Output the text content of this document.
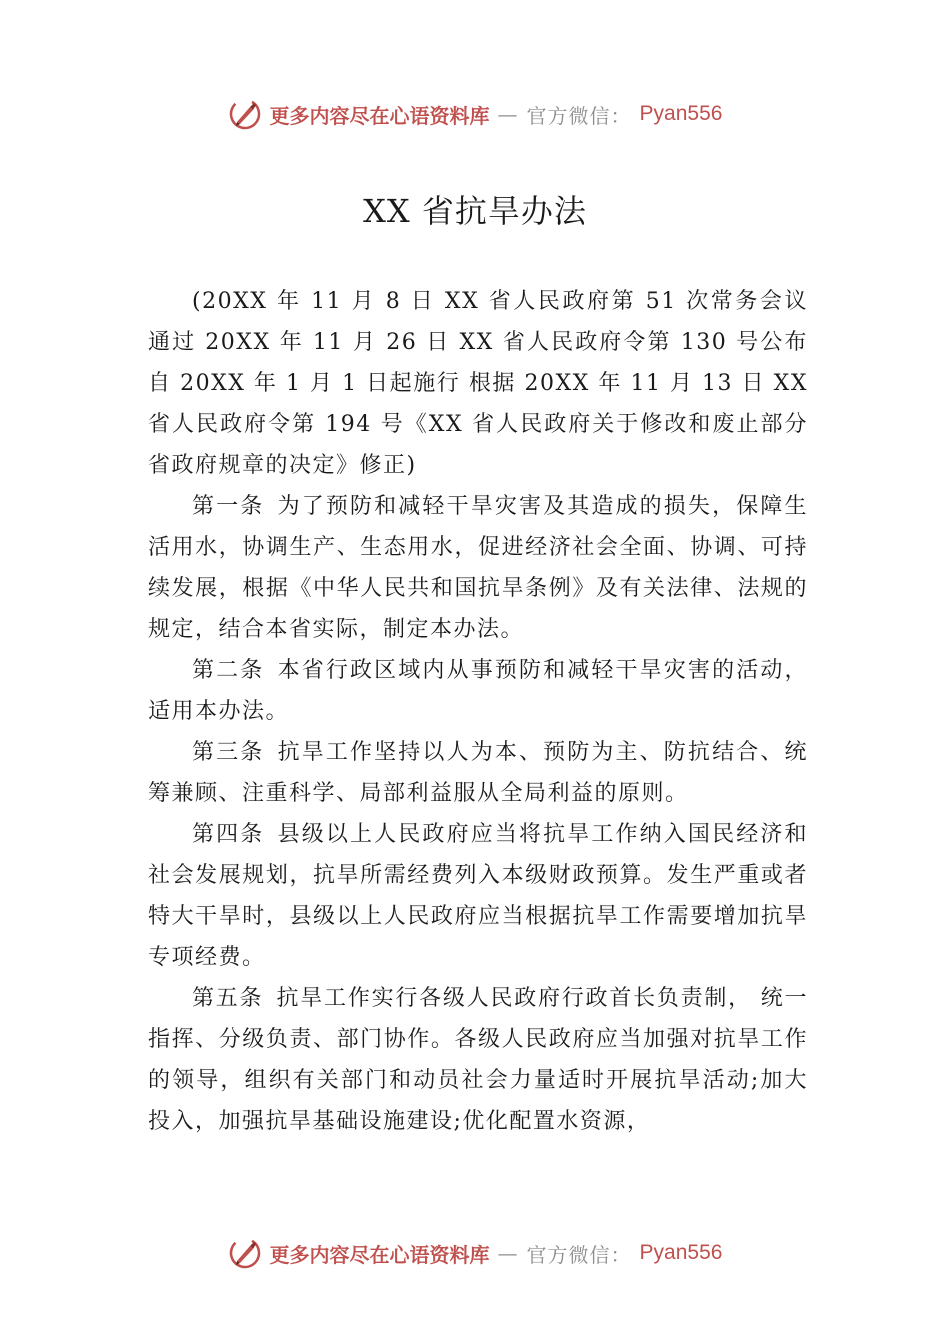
更多内容尽在心语资料库 — 官方微信： Pyan556
XX 省抗旱办法

(20XX 年 11 月 8 日 XX 省人民政府第 51 次常务会议通过 20XX 年 11 月 26 日 XX 省人民政府令第 130 号公布自 20XX 年 1 月 1 日起施行 根据 20XX 年 11 月 13 日 XX 省人民政府令第 194 号《XX 省人民政府关于修改和废止部分省政府规章的决定》修正)

第一条 为了预防和减轻干旱灾害及其造成的损失，保障生活用水，协调生产、生态用水，促进经济社会全面、协调、可持续发展，根据《中华人民共和国抗旱条例》及有关法律、法规的规定，结合本省实际，制定本办法。

第二条 本省行政区域内从事预防和减轻干旱灾害的活动，适用本办法。

第三条 抗旱工作坚持以人为本、预防为主、防抗结合、统筹兼顾、注重科学、局部利益服从全局利益的原则。

第四条 县级以上人民政府应当将抗旱工作纳入国民经济和社会发展规划，抗旱所需经费列入本级财政预算。发生严重或者特大干旱时，县级以上人民政府应当根据抗旱工作需要增加抗旱专项经费。

第五条 抗旱工作实行各级人民政府行政首长负责制， 统一指挥、分级负责、部门协作。各级人民政府应当加强对抗旱工作的领导，组织有关部门和动员社会力量适时开展抗旱活动;加大投入，加强抗旱基础设施建设;优化配置水资源，

更多内容尽在心语资料库 — 官方微信： Pyan556
